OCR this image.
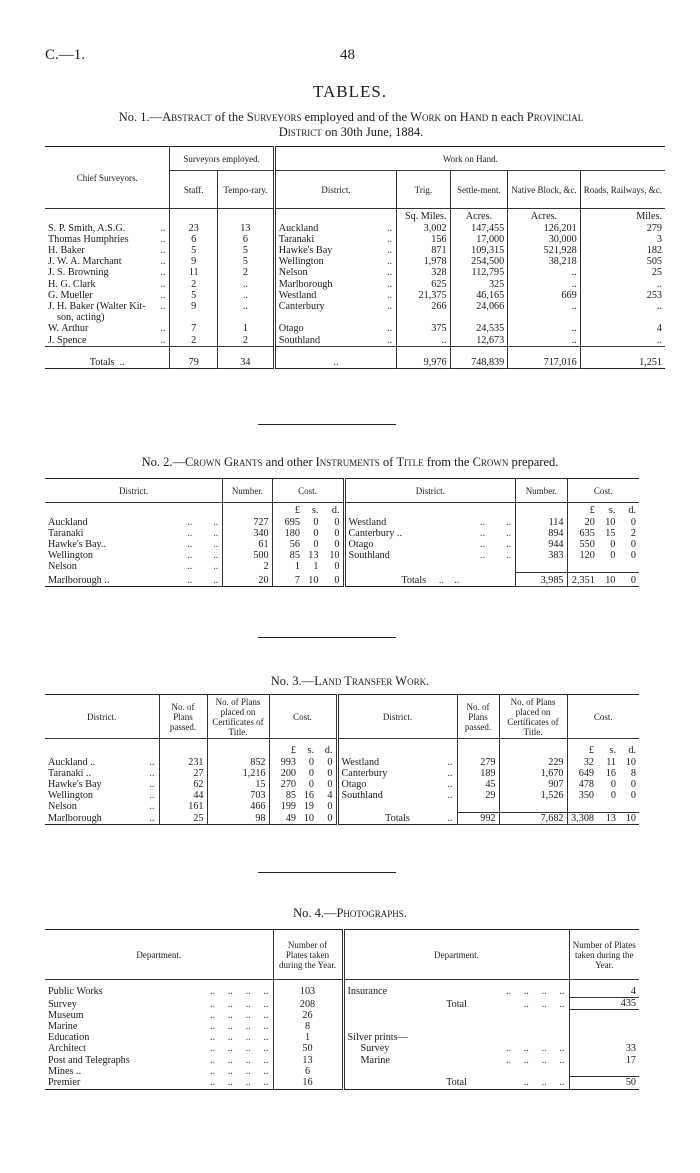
C.—1.	48
TABLES.
No. 1.—Abstract of the Surveyors employed and of the Work on Hand n each Provincial
District on 30th June, 1884.
Chief Surveyors.	Surveyors employed.		Work on Hand.				
	Staff.	Tempo-rary.	District.	Trig.	Settle-ment.	Native Block, &c.	Roads, Railways, &c.
				Sq. Miles.	Acres.	Acres.	Miles.
S. P. Smith, A.S.G. ..	23	13	Auckland ..	3,002	147,455	126,201	279
Thomas Humphries ..	6	6	Taranaki ..	156	17,000	30,000	3
H. Baker ..	5	5	Hawke's Bay ..	871	109,315	521,928	182
J. W. A. Marchant ..	9	5	Wellington ..	1,978	254,500	38,218	505
J. S. Browning ..	11	2	Nelson ..	328	112,795	..	25
H. G. Clark ..	2	..	Marlborough ..	625	325	..	..
G. Mueller ..	5	..	Westland ..	21,375	46,165	669	253
J. H. Baker (Walter Kit- ..	9	..	Canterbury ..	266	24,066	..	..
son, acting)							
W. Arthur ..	7	1	Otago ..	375	24,535	..	4
J. Spence ..	2	2	Southland ..	..	12,673	..	..
Totals ..	79	34	..	9,976	748,839	717,016	1,251
No. 2.—Crown Grants and other Instruments of Title from the Crown prepared.
District.	Number.	Cost.			District.	Number.	Cost.		
		£	s.	d.			£	s.	d.
Auckland .. ..	727	695	0	0	Westland .. ..	114	20	10	0
Taranaki .. ..	340	180	0	0	Canterbury .. .. ..	894	635	15	2
Hawke's Bay.. .. ..	61	56	0	0	Otago .. ..	944	550	0	0
Wellington .. ..	500	85	13	10	Southland .. ..	383	120	0	0
Nelson .. ..	2	1	1	0					
Marlborough .. .. ..	20	7	10	0	Totals ..    ..	3,985	2,351	10	0
No. 3.—Land Transfer Work.
District.	No. of Plans passed.	No. of Plans placed on Certificates of Title.	Cost.			District.	No. of Plans passed.	No. of Plans placed on Certificates of Title.	Cost.		
			£	s.	d.				£	s.	d.
Auckland .. ..	231	852	993	0	0	Westland ..	279	229	32	11	10
Taranaki .. ..	27	1,216	200	0	0	Canterbury ..	189	1,670	649	16	8
Hawke's Bay ..	62	15	270	0	0	Otago ..	45	907	478	0	0
Wellington ..	44	703	85	16	4	Southland ..	29	1,526	350	0	0
Nelson ..	161	466	199	19	0						
Marlborough ..	25	98	49	10	0	Totals ..	992	7,682	3,308	13	10
No. 4.—Photographs.
Department.	Number of Plates taken during the Year.	Department.	Number of Plates taken during the Year.
Public Works ..     ..     ..     ..	103	Insurance ..     ..     ..     ..	4
Survey ..     ..     ..     ..	208	Total ..     ..     ..	435
Museum ..     ..     ..     ..	26		
Marine ..     ..     ..     ..	8		
Education ..     ..     ..     ..	1	Silver prints—	
Architect ..     ..     ..     ..	50	Survey ..     ..     ..     ..	33
Post and Telegraphs ..     ..     ..     ..	13	Marine ..     ..     ..     ..	17
Mines .. ..     ..     ..     ..	6		
Premier ..     ..     ..     ..	16	Total ..     ..     ..	50
